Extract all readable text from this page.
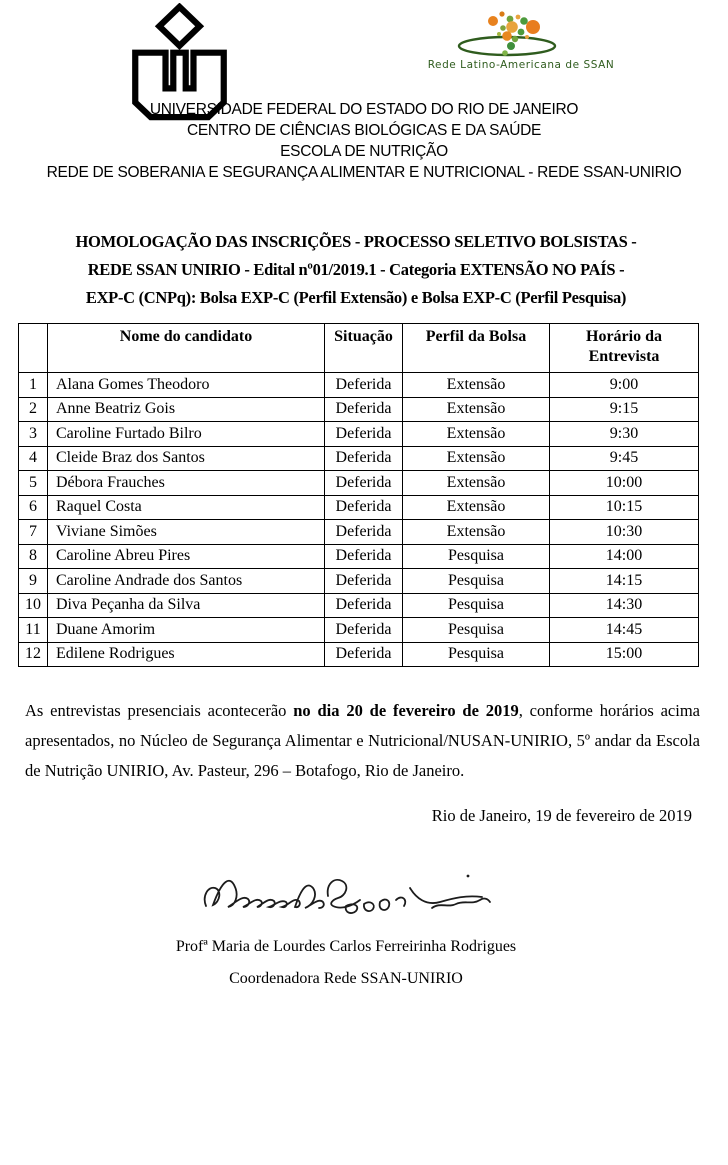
Rede Latino-Americana de SSAN
UNIVERSIDADE FEDERAL DO ESTADO DO RIO DE JANEIRO
CENTRO DE CIÊNCIAS BIOLÓGICAS E DA SAÚDE
ESCOLA DE NUTRIÇÃO
REDE DE SOBERANIA E SEGURANÇA ALIMENTAR E NUTRICIONAL - REDE SSAN-UNIRIO
HOMOLOGAÇÃO DAS INSCRIÇÕES - PROCESSO SELETIVO BOLSISTAS -
REDE SSAN UNIRIO - Edital nº01/2019.1 - Categoria EXTENSÃO NO PAÍS -
EXP-C (CNPq): Bolsa EXP-C (Perfil Extensão) e Bolsa EXP-C (Perfil Pesquisa)
	Nome do candidato	Situação	Perfil da Bolsa	Horário da Entrevista
1	Alana Gomes Theodoro	Deferida	Extensão	9:00
2	Anne Beatriz Gois	Deferida	Extensão	9:15
3	Caroline Furtado Bilro	Deferida	Extensão	9:30
4	Cleide Braz dos Santos	Deferida	Extensão	9:45
5	Débora Frauches	Deferida	Extensão	10:00
6	Raquel Costa	Deferida	Extensão	10:15
7	Viviane Simões	Deferida	Extensão	10:30
8	Caroline Abreu Pires	Deferida	Pesquisa	14:00
9	Caroline Andrade dos Santos	Deferida	Pesquisa	14:15
10	Diva Peçanha da Silva	Deferida	Pesquisa	14:30
11	Duane Amorim	Deferida	Pesquisa	14:45
12	Edilene Rodrigues	Deferida	Pesquisa	15:00

As entrevistas presenciais acontecerão no dia 20 de fevereiro de 2019, conforme horários acima apresentados, no Núcleo de Segurança Alimentar e Nutricional/NUSAN-UNIRIO, 5º andar da Escola de Nutrição UNIRIO, Av. Pasteur, 296 – Botafogo, Rio de Janeiro.

Rio de Janeiro, 19 de fevereiro de 2019
Profª Maria de Lourdes Carlos Ferreirinha Rodrigues
Coordenadora Rede SSAN-UNIRIO
